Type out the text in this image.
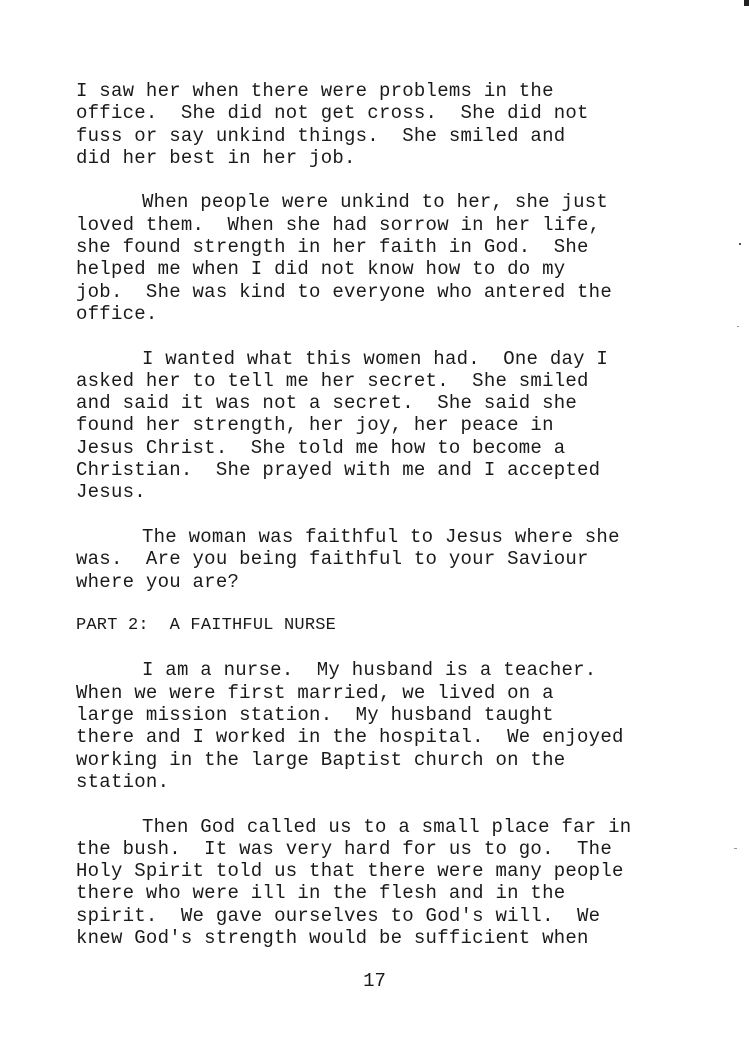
I saw her when there were problems in the
office.  She did not get cross.  She did not
fuss or say unkind things.  She smiled and
did her best in her job.
When people were unkind to her, she just
loved them.  When she had sorrow in her life,
she found strength in her faith in God.  She
helped me when I did not know how to do my
job.  She was kind to everyone who antered the
office.
I wanted what this women had.  One day I
asked her to tell me her secret.  She smiled
and said it was not a secret.  She said she
found her strength, her joy, her peace in
Jesus Christ.  She told me how to become a
Christian.  She prayed with me and I accepted
Jesus.
The woman was faithful to Jesus where she
was.  Are you being faithful to your Saviour
where you are?
PART 2:  A FAITHFUL NURSE
I am a nurse.  My husband is a teacher.
When we were first married, we lived on a
large mission station.  My husband taught
there and I worked in the hospital.  We enjoyed
working in the large Baptist church on the
station.
Then God called us to a small place far in
the bush.  It was very hard for us to go.  The
Holy Spirit told us that there were many people
there who were ill in the flesh and in the
spirit.  We gave ourselves to God's will.  We
knew God's strength would be sufficient when
17
